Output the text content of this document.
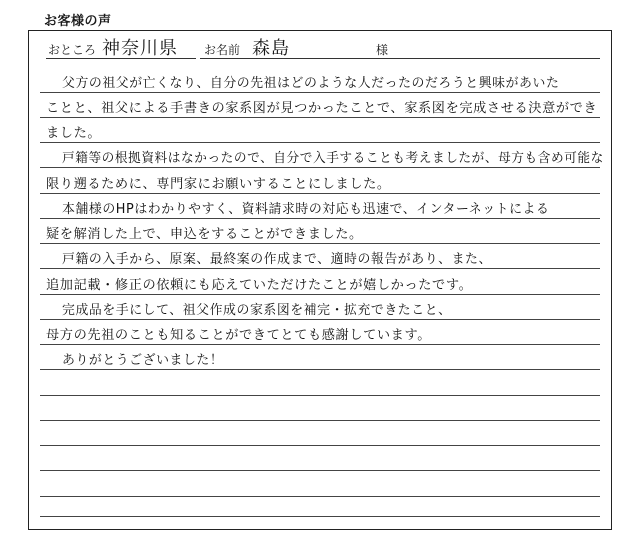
お客様の声
おところ 神奈川県 お名前 森島	様
父方の祖父が亡くなり、自分の先祖はどのような人だったのだろうと興味があいた
ことと、祖父による手書きの家系図が見つかったことで、家系図を完成させる決意ができ
ました。
戸籍等の根拠資料はなかったので、自分で入手することも考えましたが、母方も含め可能な
限り遡るために、専門家にお願いすることにしました。
本舗様のHPはわかりやすく、資料請求時の対応も迅速で、インターネットによる
疑を解消した上で、申込をすることができました。
戸籍の入手から、原案、最終案の作成まで、適時の報告があり、また、
追加記載・修正の依頼にも応えていただけたことが嬉しかったです。
完成品を手にして、祖父作成の家系図を補完・拡充できたこと、
母方の先祖のことも知ることができてとても感謝しています。
ありがとうございました！
